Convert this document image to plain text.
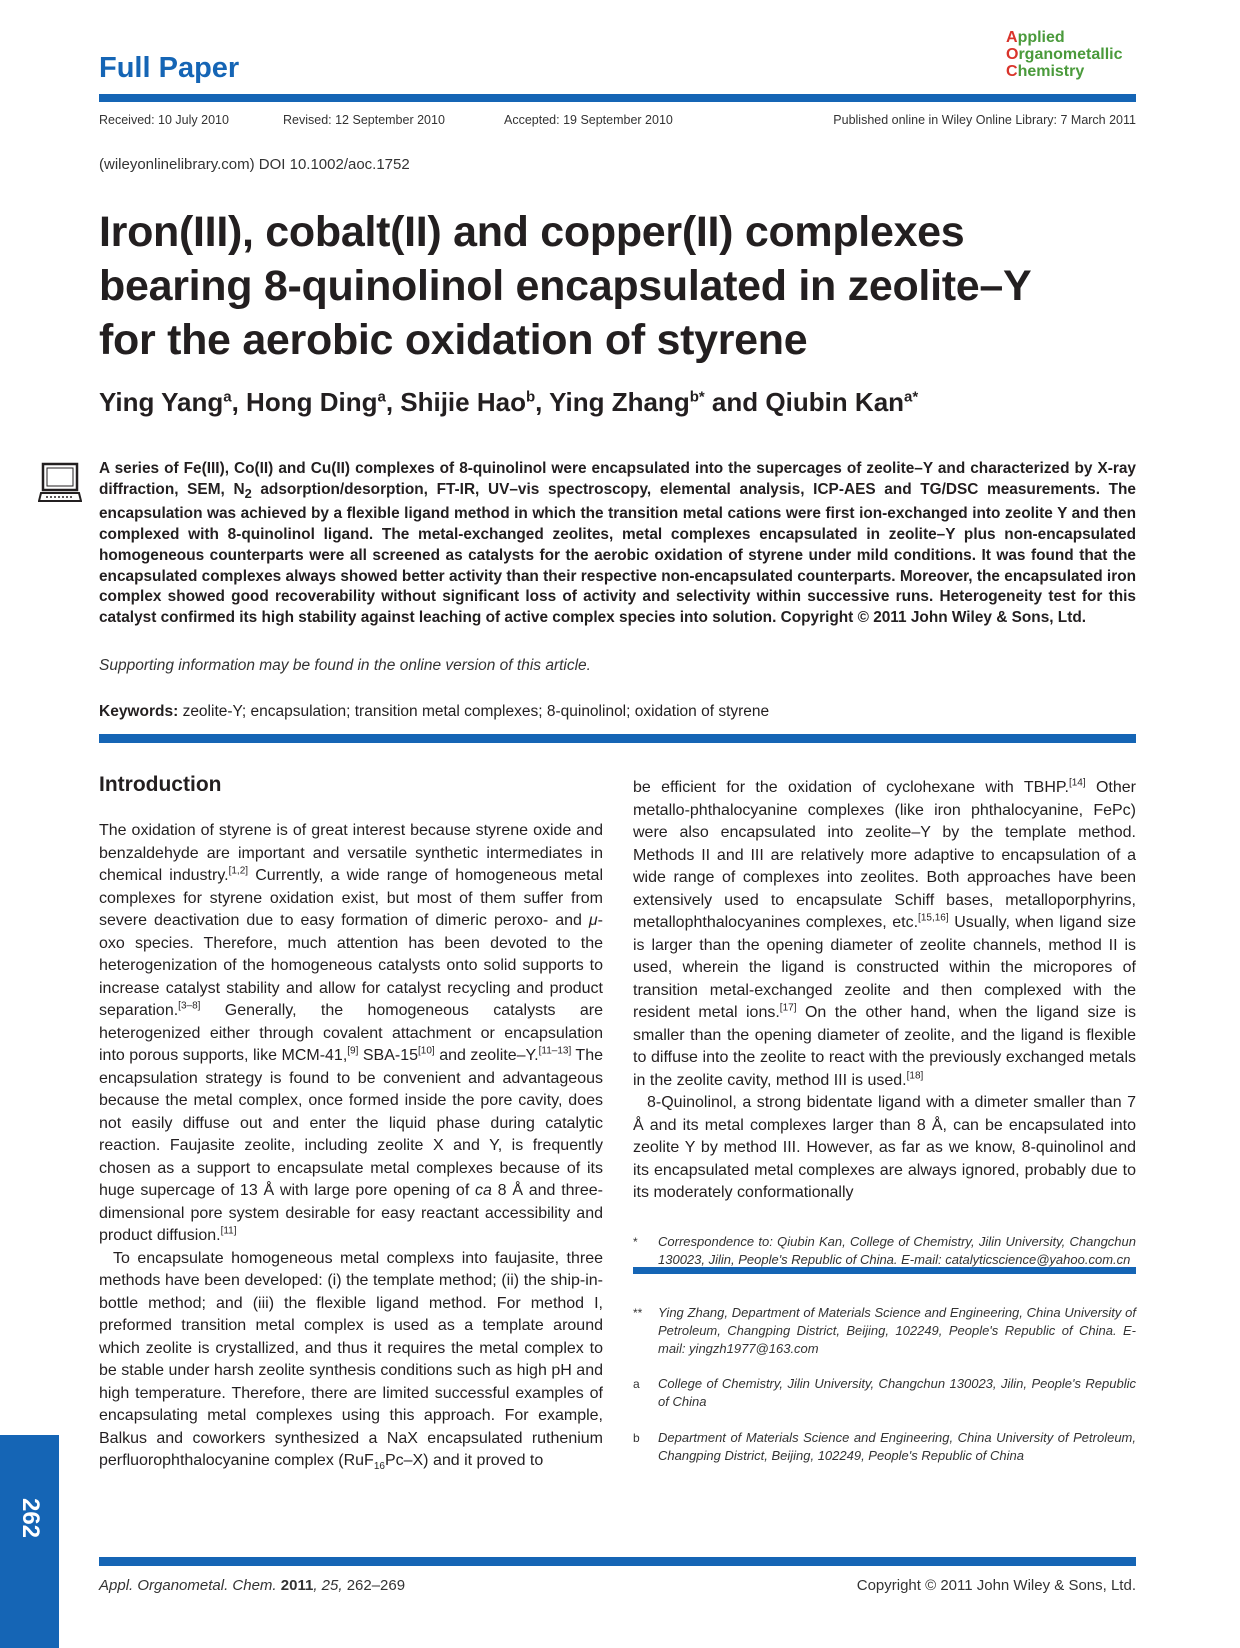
Full Paper
Applied
Organometallic
Chemistry
Received: 10 July 2010	Revised: 12 September 2010	Accepted: 19 September 2010	Published online in Wiley Online Library: 7 March 2011
(wileyonlinelibrary.com) DOI 10.1002/aoc.1752
Iron(III), cobalt(II) and copper(II) complexes
bearing 8-quinolinol encapsulated in zeolite–Y
for the aerobic oxidation of styrene
Ying Yang$^a$, Hong Ding$^a$, Shijie Hao$^b$, Ying Zhang$^{b*}$ and Qiubin Kan$^{a*}$
A series of Fe(III), Co(II) and Cu(II) complexes of 8-quinolinol were encapsulated into the supercages of zeolite–Y and characterized by X-ray diffraction, SEM, $N_2$ adsorption/desorption, FT-IR, UV–vis spectroscopy, elemental analysis, ICP-AES and TG/DSC measurements. The encapsulation was achieved by a flexible ligand method in which the transition metal cations were first ion-exchanged into zeolite Y and then complexed with 8-quinolinol ligand. The metal-exchanged zeolites, metal complexes encapsulated in zeolite–Y plus non-encapsulated homogeneous counterparts were all screened as catalysts for the aerobic oxidation of styrene under mild conditions. It was found that the encapsulated complexes always showed better activity than their respective non-encapsulated counterparts. Moreover, the encapsulated iron complex showed good recoverability without significant loss of activity and selectivity within successive runs. Heterogeneity test for this catalyst confirmed its high stability against leaching of active complex species into solution. Copyright © 2011 John Wiley & Sons, Ltd.
Supporting information may be found in the online version of this article.
Keywords: zeolite-Y; encapsulation; transition metal complexes; 8-quinolinol; oxidation of styrene
Introduction

The oxidation of styrene is of great interest because styrene oxide and benzaldehyde are important and versatile synthetic intermediates in chemical industry.[1,2] Currently, a wide range of homogeneous metal complexes for styrene oxidation exist, but most of them suffer from severe deactivation due to easy formation of dimeric peroxo- and μ-oxo species. Therefore, much attention has been devoted to the heterogenization of the homogeneous catalysts onto solid supports to increase catalyst stability and allow for catalyst recycling and product separation.[3–8] Generally, the homogeneous catalysts are heterogenized either through covalent attachment or encapsulation into porous supports, like MCM-41,[9] SBA-15[10] and zeolite–Y.[11–13] The encapsulation strategy is found to be convenient and advantageous because the metal complex, once formed inside the pore cavity, does not easily diffuse out and enter the liquid phase during catalytic reaction. Faujasite zeolite, including zeolite X and Y, is frequently chosen as a support to encapsulate metal complexes because of its huge supercage of 13 Å with large pore opening of ca 8 Å and three-dimensional pore system desirable for easy reactant accessibility and product diffusion.[11]

To encapsulate homogeneous metal complexs into faujasite, three methods have been developed: (i) the template method; (ii) the ship-in-bottle method; and (iii) the flexible ligand method. For method I, preformed transition metal complex is used as a template around which zeolite is crystallized, and thus it requires the metal complex to be stable under harsh zeolite synthesis conditions such as high pH and high temperature. Therefore, there are limited successful examples of encapsulating metal complexes using this approach. For example, Balkus and coworkers synthesized a NaX encapsulated ruthenium perfluorophthalocyanine complex (RuF$_{16}$Pc–X) and it proved to

be efficient for the oxidation of cyclohexane with TBHP.[14] Other metallo-phthalocyanine complexes (like iron phthalocyanine, FePc) were also encapsulated into zeolite–Y by the template method. Methods II and III are relatively more adaptive to encapsulation of a wide range of complexes into zeolites. Both approaches have been extensively used to encapsulate Schiff bases, metalloporphyrins, metallophthalocyanines complexes, etc.[15,16] Usually, when ligand size is larger than the opening diameter of zeolite channels, method II is used, wherein the ligand is constructed within the micropores of transition metal-exchanged zeolite and then complexed with the resident metal ions.[17] On the other hand, when the ligand size is smaller than the opening diameter of zeolite, and the ligand is flexible to diffuse into the zeolite to react with the previously exchanged metals in the zeolite cavity, method III is used.[18]

8-Quinolinol, a strong bidentate ligand with a dimeter smaller than 7 Å and its metal complexes larger than 8 Å, can be encapsulated into zeolite Y by method III. However, as far as we know, 8-quinolinol and its encapsulated metal complexes are always ignored, probably due to its moderately conformationally

* Correspondence to: Qiubin Kan, College of Chemistry, Jilin University, Changchun 130023, Jilin, People's Republic of China. E-mail: catalyticscience@yahoo.com.cn
** Ying Zhang, Department of Materials Science and Engineering, China University of Petroleum, Changping District, Beijing, 102249, People's Republic of China. E-mail: yingzh1977@163.com
a College of Chemistry, Jilin University, Changchun 130023, Jilin, People's Republic of China
b Department of Materials Science and Engineering, China University of Petroleum, Changping District, Beijing, 102249, People's Republic of China
262
Appl. Organometal. Chem. 2011, 25, 262–269	Copyright © 2011 John Wiley & Sons, Ltd.
